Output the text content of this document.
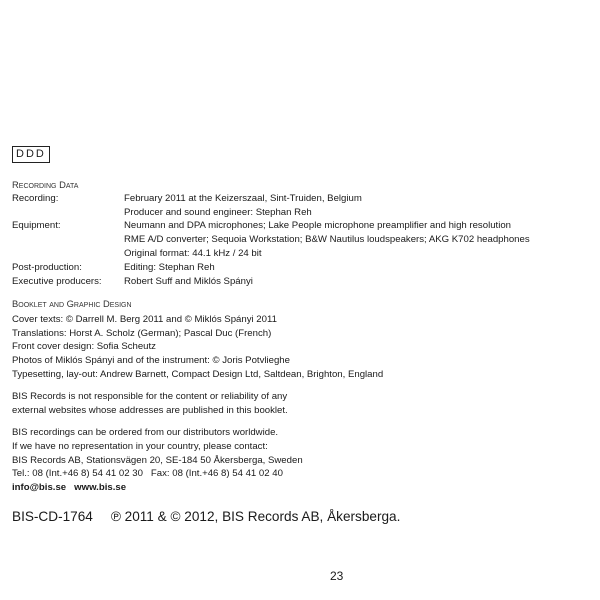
DDD
Recording Data
Recording:	February 2011 at the Keizerszaal, Sint-Truiden, Belgium
Producer and sound engineer: Stephan Reh
Equipment:	Neumann and DPA microphones; Lake People microphone preamplifier and high resolution
RME A/D converter; Sequoia Workstation; B&W Nautilus loudspeakers; AKG K702 headphones
Original format: 44.1 kHz / 24 bit
Post-production:	Editing: Stephan Reh
Executive producers:	Robert Suff and Miklós Spányi
Booklet and Graphic Design
Cover texts: © Darrell M. Berg 2011 and © Miklós Spányi 2011
Translations: Horst A. Scholz (German); Pascal Duc (French)
Front cover design: Sofia Scheutz
Photos of Miklós Spányi and of the instrument: © Joris Potvlieghe
Typesetting, lay-out: Andrew Barnett, Compact Design Ltd, Saltdean, Brighton, England
BIS Records is not responsible for the content or reliability of any
external websites whose addresses are published in this booklet.
BIS recordings can be ordered from our distributors worldwide.
If we have no representation in your country, please contact:
BIS Records AB, Stationsvägen 20, SE-184 50 Åkersberga, Sweden
Tel.: 08 (Int.+46 8) 54 41 02 30   Fax: 08 (Int.+46 8) 54 41 02 40
info@bis.se www.bis.se
BIS-CD-1764 ℗ 2011 & © 2012, BIS Records AB, Åkersberga.
23
